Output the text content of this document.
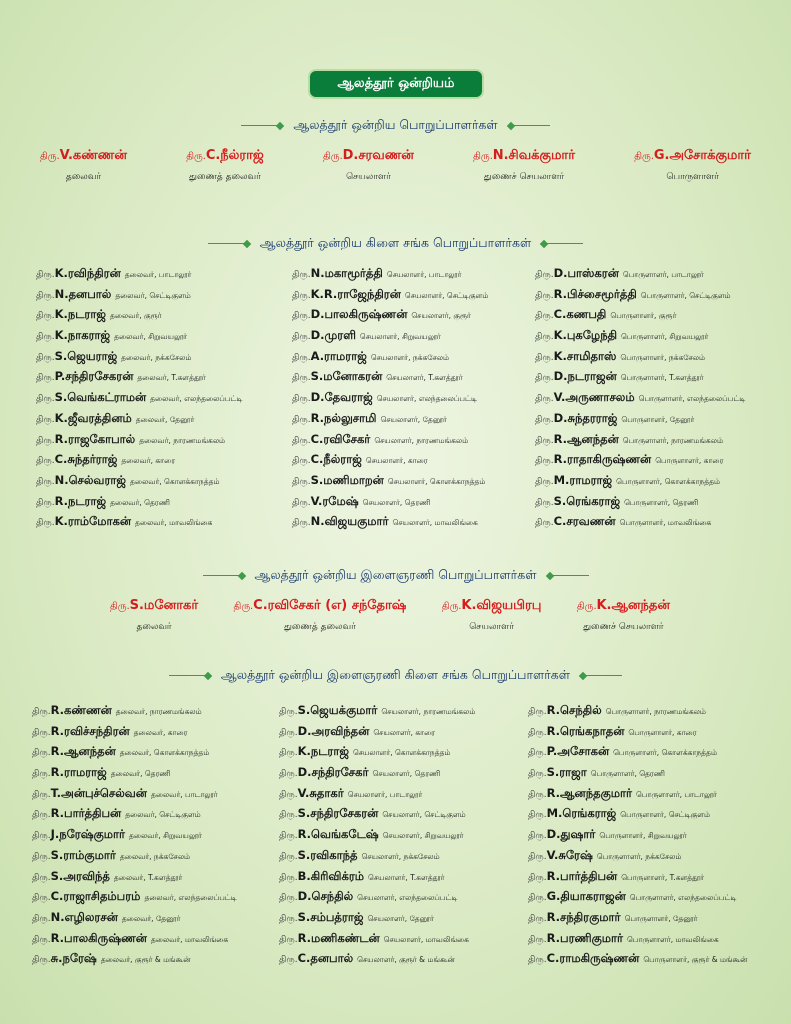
ஆலத்தூர் ஒன்றியம்
ஆலத்தூர் ஒன்றிய பொறுப்பாளர்கள்
திரு.V.கண்ணன்
தலைவர்
திரு.C.நீல்ராஜ்
துணைத் தலைவர்
திரு.D.சரவணன்
செயலாளர்
திரு.N.சிவக்குமார்
துணைச் செயலாளர்
திரு.G.அசோக்குமார்
பொருளாளர்
ஆலத்தூர் ஒன்றிய கிளை சங்க பொறுப்பாளர்கள்
திரு. K.ரவிந்திரன் தலைவர், பாடாலூர்
திரு. N.தனபால் தலைவர், செட்டிகுளம்
திரு. K.நடராஜ் தலைவர், குரூர்
திரு. K.நாகராஜ் தலைவர், சிறுவயலூர்
திரு. S.ஜெயராஜ் தலைவர், நக்கசேலம்
திரு. P.சந்திரசேகரன் தலைவர், T.களத்தூர்
திரு. S.வெங்கட்ராமன் தலைவர், எலந்தலைப்பட்டி
திரு. K.ஜீவரத்தினம் தலைவர், தேனூர்
திரு. R.ராஜகோபால் தலைவர், நாரணமங்கலம்
திரு. C.சுந்தர்ராஜ் தலைவர், காரை
திரு. N.செல்வராஜ் தலைவர், கொளக்காநத்தம்
திரு. R.நடராஜ் தலைவர், தெரணி
திரு. K.ராம்மோகன் தலைவர், மாவலிங்கை
திரு. N.மகாமூர்த்தி செயலாளர், பாடாலூர்
திரு. K.R.ராஜேந்திரன் செயலாளர், செட்டிகுளம்
திரு. D.பாலகிருஷ்ணன் செயலாளர், குரூர்
திரு. D.முரளி செயலாளர், சிறுவயலூர்
திரு. A.ராமராஜ் செயலாளர், நக்கசேலம்
திரு. S.மனோகரன் செயலாளர், T.களத்தூர்
திரு. D.தேவராஜ் செயலாளர், எலந்தலைப்பட்டி
திரு. R.நல்லுசாமி செயலாளர், தேனூர்
திரு. C.ரவிசேகர் செயலாளர், நாரணமங்கலம்
திரு. C.நீல்ராஜ் செயலாளர், காரை
திரு. S.மணிமாறன் செயலாளர், கொளக்காநத்தம்
திரு. V.ரமேஷ் செயலாளர், தெரணி
திரு. N.விஜயகுமார் செயலாளர், மாவலிங்கை
திரு. D.பாஸ்கரன் பொருளாளர், பாடாலூர்
திரு. R.பிச்சைமூர்த்தி பொருளாளர், செட்டிகுளம்
திரு. C.கணபதி பொருளாளர், குரூர்
திரு. K.புகழேந்தி பொருளாளர், சிறுவயலூர்
திரு. K.சாமிதாஸ் பொருளாளர், நக்கசேலம்
திரு. D.நடராஜன் பொருளாளர், T.களத்தூர்
திரு. V.அருணாசலம் பொருளாளர், எலந்தலைப்பட்டி
திரு. D.சுந்தரராஜ் பொருளாளர், தேனூர்
திரு. R.ஆனந்தன் பொருளாளர், நாரணமங்கலம்
திரு. R.ராதாகிருஷ்ணன் பொருளாளர், காரை
திரு. M.ராமராஜ் பொருளாளர், கொளக்காநத்தம்
திரு. S.ரெங்கராஜ் பொருளாளர், தெரணி
திரு. C.சரவணன் பொருளாளர், மாவலிங்கை
ஆலத்தூர் ஒன்றிய இளைஞரணி பொறுப்பாளர்கள்
திரு.S.மனோகர்
தலைவர்
திரு.C.ரவிசேகர் (எ) சந்தோஷ்
துணைத் தலைவர்
திரு.K.விஜயபிரபு
செயலாளர்
திரு.K.ஆனந்தன்
துணைச் செயலாளர்
ஆலத்தூர் ஒன்றிய இளைஞரணி கிளை சங்க பொறுப்பாளர்கள்
திரு. R.கண்ணன் தலைவர், நாரணமங்கலம்
திரு. R.ரவிச்சந்திரன் தலைவர், காரை
திரு. R.ஆனந்தன் தலைவர், கொளக்காநத்தம்
திரு. R.ராமராஜ் தலைவர், தெரணி
திரு. T.அன்புச்செல்வன் தலைவர், பாடாலூர்
திரு. R.பார்த்திபன் தலைவர், செட்டிகுளம்
திரு. J.நரேஷ்குமார் தலைவர், சிறுவயலூர்
திரு. S.ராம்குமார் தலைவர், நக்கசேலம்
திரு. S.அரவிந்த் தலைவர், T.களத்தூர்
திரு. C.ராஜாசிதம்பரம் தலைவர், எலந்தலைப்பட்டி
திரு. N.எழிலரசன் தலைவர், தேனூர்
திரு. R.பாலகிருஷ்ணன் தலைவர், மாவலிங்கை
திரு. சு.நரேஷ் தலைவர், குரூர் & மங்கூன்
திரு. S.ஜெயக்குமார் செயலாளர், நாரணமங்கலம்
திரு. D.அரவிந்தன் செயலாளர், காரை
திரு. K.நடராஜ் செயலாளர், கொளக்காநத்தம்
திரு. D.சந்திரசேகர் செயலாளர், தெரணி
திரு. V.சுதாகர் செயலாளர், பாடாலூர்
திரு. S.சந்திரசேகரன் செயலாளர், செட்டிகுளம்
திரு. R.வெங்கடேஷ் செயலாளர், சிறுவயலூர்
திரு. S.ரவிகாந்த் செயலாளர், நக்கசேலம்
திரு. B.கிரிவிக்ரம் செயலாளர், T.களத்தூர்
திரு. D.செந்தில் செயலாளர், எலந்தலைப்பட்டி
திரு. S.சம்பத்ராஜ் செயலாளர், தேனூர்
திரு. R.மணிகண்டன் செயலாளர், மாவலிங்கை
திரு. C.தனபால் செயலாளர், குரூர் & மங்கூன்
திரு. R.செந்தில் பொருளாளர், நாரணமங்கலம்
திரு. R.ரெங்கநாதன் பொருளாளர், காரை
திரு. P.அசோகன் பொருளாளர், கொளக்காநத்தம்
திரு. S.ராஜா பொருளாளர், தெரணி
திரு. R.ஆனந்தகுமார் பொருளாளர், பாடாலூர்
திரு. M.ரெங்கராஜ் பொருளாளர், செட்டிகுளம்
திரு. D.துஷார் பொருளாளர், சிறுவயலூர்
திரு. V.சுரேஷ் பொருளாளர், நக்கசேலம்
திரு. R.பார்த்திபன் பொருளாளர், T.களத்தூர்
திரு. G.தியாகராஜன் பொருளாளர், எலந்தலைப்பட்டி
திரு. R.சந்திரகுமார் பொருளாளர், தேனூர்
திரு. R.பரணிகுமார் பொருளாளர், மாவலிங்கை
திரு. C.ராமகிருஷ்ணன் பொருளாளர், குரூர் & மங்கூன்
